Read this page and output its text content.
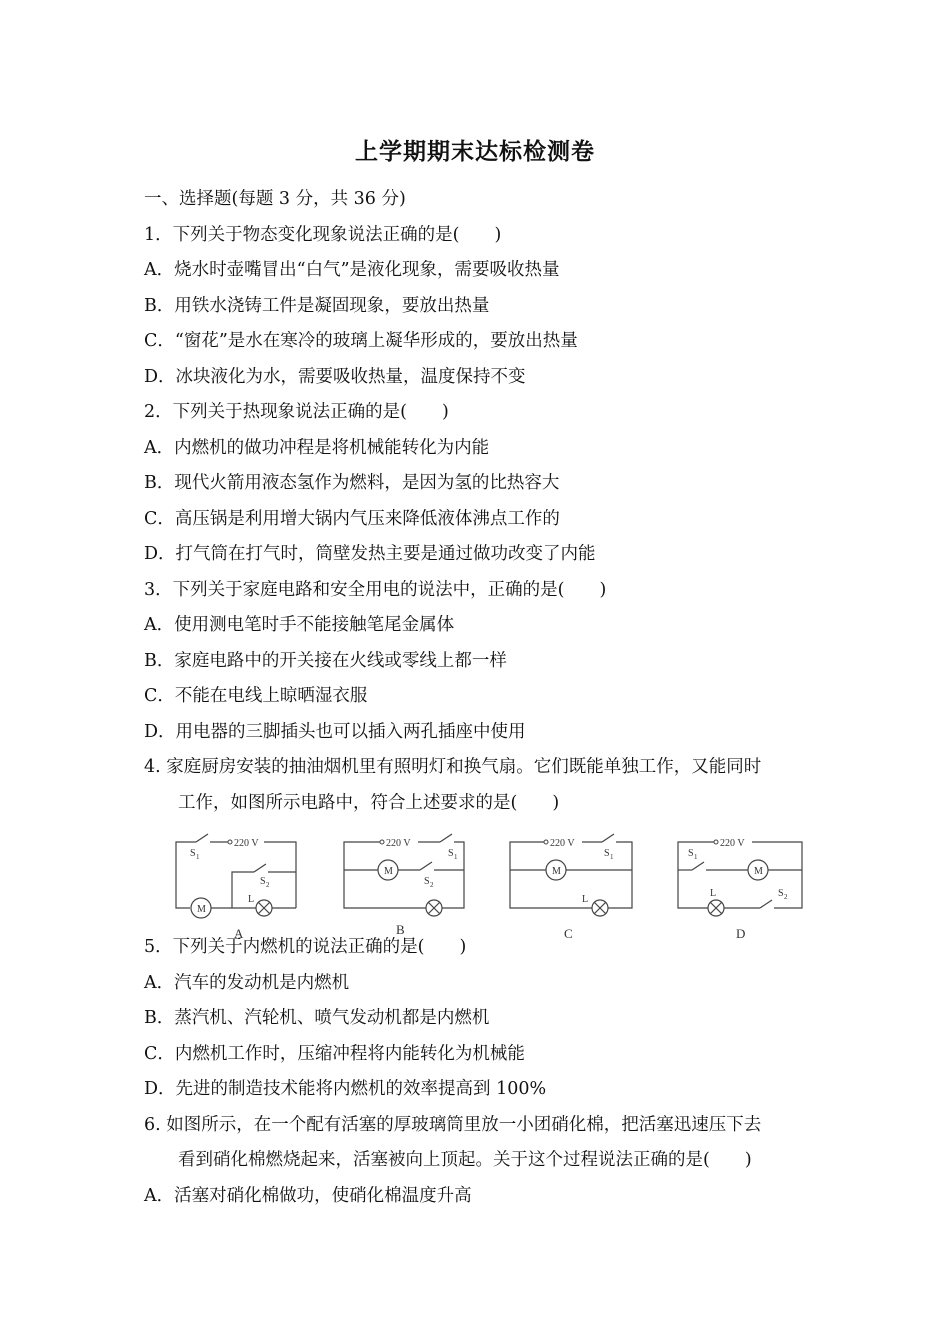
上学期期末达标检测卷
一、选择题(每题 3 分，共 36 分)
1．下列关于物态变化现象说法正确的是(　　)
A．烧水时壶嘴冒出“白气”是液化现象，需要吸收热量
B．用铁水浇铸工件是凝固现象，要放出热量
C．“窗花”是水在寒冷的玻璃上凝华形成的，要放出热量
D．冰块液化为水，需要吸收热量，温度保持不变
2．下列关于热现象说法正确的是(　　)
A．内燃机的做功冲程是将机械能转化为内能
B．现代火箭用液态氢作为燃料，是因为氢的比热容大
C．高压锅是利用增大锅内气压来降低液体沸点工作的
D．打气筒在打气时，筒壁发热主要是通过做功改变了内能
3．下列关于家庭电路和安全用电的说法中，正确的是(　　)
A．使用测电笔时手不能接触笔尾金属体
B．家庭电路中的开关接在火线或零线上都一样
C．不能在电线上晾晒湿衣服
D．用电器的三脚插头也可以插入两孔插座中使用
4. 家庭厨房安装的抽油烟机里有照明灯和换气扇。它们既能单独工作，又能同时
工作，如图所示电路中，符合上述要求的是(　　)
220 V
S 1
M
L
S 2
A
220 V
S 1
M
S 2
B
220 V
M
S 1
L
C
220 V
S 1
M
L	S 2
D
5．下列关于内燃机的说法正确的是(　　)
A．汽车的发动机是内燃机
B．蒸汽机、汽轮机、喷气发动机都是内燃机
C．内燃机工作时，压缩冲程将内能转化为机械能
D．先进的制造技术能将内燃机的效率提高到 100%
6. 如图所示，在一个配有活塞的厚玻璃筒里放一小团硝化棉，把活塞迅速压下去
看到硝化棉燃烧起来，活塞被向上顶起。关于这个过程说法正确的是(　　)
A．活塞对硝化棉做功，使硝化棉温度升高
